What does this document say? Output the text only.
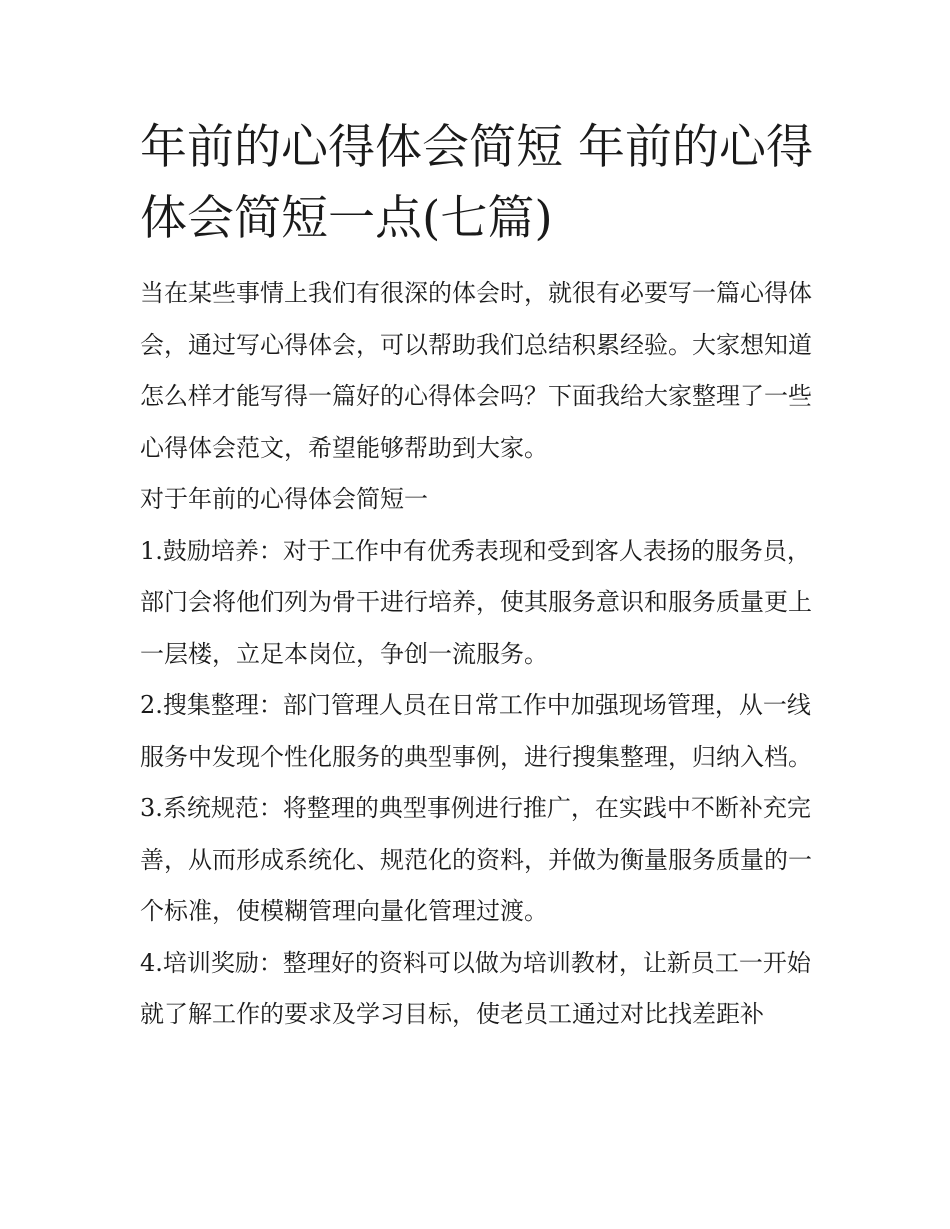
年前的心得体会简短 年前的心得体会简短一点(七篇)

当在某些事情上我们有很深的体会时，就很有必要写一篇心得体会，通过写心得体会，可以帮助我们总结积累经验。大家想知道怎么样才能写得一篇好的心得体会吗？下面我给大家整理了一些心得体会范文，希望能够帮助到大家。

对于年前的心得体会简短一

1.鼓励培养：对于工作中有优秀表现和受到客人表扬的服务员，部门会将他们列为骨干进行培养，使其服务意识和服务质量更上一层楼，立足本岗位，争创一流服务。

2.搜集整理：部门管理人员在日常工作中加强现场管理，从一线服务中发现个性化服务的典型事例，进行搜集整理，归纳入档。

3.系统规范：将整理的典型事例进行推广，在实践中不断补充完善，从而形成系统化、规范化的资料，并做为衡量服务质量的一个标准，使模糊管理向量化管理过渡。

4.培训奖励：整理好的资料可以做为培训教材，让新员工一开始就了解工作的要求及学习目标，使老员工通过对比找差距补
